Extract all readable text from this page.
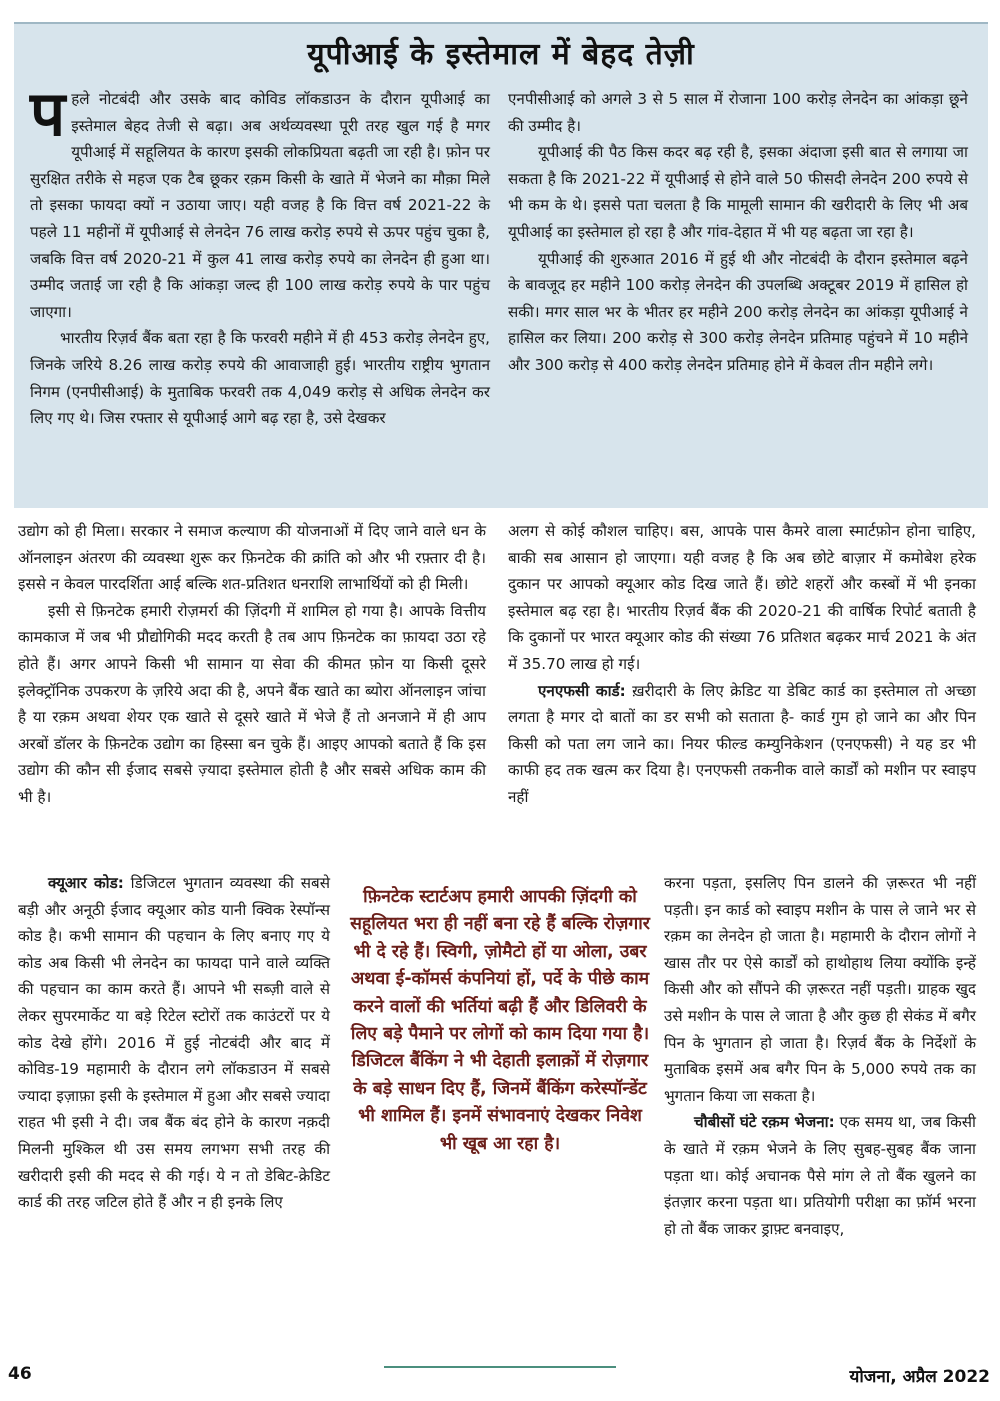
यूपीआई के इस्तेमाल में बेहद तेज़ी

पहले नोटबंदी और उसके बाद कोविड लॉकडाउन के दौरान यूपीआई का इस्तेमाल बेहद तेजी से बढ़ा। अब अर्थव्यवस्था पूरी तरह खुल गई है मगर यूपीआई में सहूलियत के कारण इसकी लोकप्रियता बढ़ती जा रही है। फ़ोन पर सुरक्षित तरीके से महज एक टैब छूकर रक़म किसी के खाते में भेजने का मौक़ा मिले तो इसका फायदा क्यों न उठाया जाए। यही वजह है कि वित्त वर्ष 2021-22 के पहले 11 महीनों में यूपीआई से लेनदेन 76 लाख करोड़ रुपये से ऊपर पहुंच चुका है, जबकि वित्त वर्ष 2020-21 में कुल 41 लाख करोड़ रुपये का लेनदेन ही हुआ था। उम्मीद जताई जा रही है कि आंकड़ा जल्द ही 100 लाख करोड़ रुपये के पार पहुंच जाएगा।

भारतीय रिज़र्व बैंक बता रहा है कि फरवरी महीने में ही 453 करोड़ लेनदेन हुए, जिनके जरिये 8.26 लाख करोड़ रुपये की आवाजाही हुई। भारतीय राष्ट्रीय भुगतान निगम (एनपीसीआई) के मुताबिक फरवरी तक 4,049 करोड़ से अधिक लेनदेन कर लिए गए थे। जिस रफ्तार से यूपीआई आगे बढ़ रहा है, उसे देखकर

एनपीसीआई को अगले 3 से 5 साल में रोजाना 100 करोड़ लेनदेन का आंकड़ा छूने की उम्मीद है।

यूपीआई की पैठ किस कदर बढ़ रही है, इसका अंदाजा इसी बात से लगाया जा सकता है कि 2021-22 में यूपीआई से होने वाले 50 फीसदी लेनदेन 200 रुपये से भी कम के थे। इससे पता चलता है कि मामूली सामान की खरीदारी के लिए भी अब यूपीआई का इस्तेमाल हो रहा है और गांव-देहात में भी यह बढ़ता जा रहा है।

यूपीआई की शुरुआत 2016 में हुई थी और नोटबंदी के दौरान इस्तेमाल बढ़ने के बावजूद हर महीने 100 करोड़ लेनदेन की उपलब्धि अक्टूबर 2019 में हासिल हो सकी। मगर साल भर के भीतर हर महीने 200 करोड़ लेनदेन का आंकड़ा यूपीआई ने हासिल कर लिया। 200 करोड़ से 300 करोड़ लेनदेन प्रतिमाह पहुंचने में 10 महीने और 300 करोड़ से 400 करोड़ लेनदेन प्रतिमाह होने में केवल तीन महीने लगे।

उद्योग को ही मिला। सरकार ने समाज कल्याण की योजनाओं में दिए जाने वाले धन के ऑनलाइन अंतरण की व्यवस्था शुरू कर फ़िनटेक की क्रांति को और भी रफ़्तार दी है। इससे न केवल पारदर्शिता आई बल्कि शत-प्रतिशत धनराशि लाभार्थियों को ही मिली।

इसी से फ़िनटेक हमारी रोज़मर्रा की ज़िंदगी में शामिल हो गया है। आपके वित्तीय कामकाज में जब भी प्रौद्योगिकी मदद करती है तब आप फ़िनटेक का फ़ायदा उठा रहे होते हैं। अगर आपने किसी भी सामान या सेवा की कीमत फ़ोन या किसी दूसरे इलेक्ट्रॉनिक उपकरण के ज़रिये अदा की है, अपने बैंक खाते का ब्योरा ऑनलाइन जांचा है या रक़म अथवा शेयर एक खाते से दूसरे खाते में भेजे हैं तो अनजाने में ही आप अरबों डॉलर के फ़िनटेक उद्योग का हिस्सा बन चुके हैं। आइए आपको बताते हैं कि इस उद्योग की कौन सी ईजाद सबसे ज़्यादा इस्तेमाल होती है और सबसे अधिक काम की भी है।

अलग से कोई कौशल चाहिए। बस, आपके पास कैमरे वाला स्मार्टफ़ोन होना चाहिए, बाकी सब आसान हो जाएगा। यही वजह है कि अब छोटे बाज़ार में कमोबेश हरेक दुकान पर आपको क्यूआर कोड दिख जाते हैं। छोटे शहरों और कस्बों में भी इनका इस्तेमाल बढ़ रहा है। भारतीय रिज़र्व बैंक की 2020-21 की वार्षिक रिपोर्ट बताती है कि दुकानों पर भारत क्यूआर कोड की संख्या 76 प्रतिशत बढ़कर मार्च 2021 के अंत में 35.70 लाख हो गई।

एनएफसी कार्ड: ख़रीदारी के लिए क्रेडिट या डेबिट कार्ड का इस्तेमाल तो अच्छा लगता है मगर दो बातों का डर सभी को सताता है- कार्ड गुम हो जाने का और पिन किसी को पता लग जाने का। नियर फील्ड कम्युनिकेशन (एनएफसी) ने यह डर भी काफी हद तक खत्म कर दिया है। एनएफसी तकनीक वाले कार्डों को मशीन पर स्वाइप नहीं

क्यूआर कोड: डिजिटल भुगतान व्यवस्था की सबसे बड़ी और अनूठी ईजाद क्यूआर कोड यानी क्विक रेस्पॉन्स कोड है। कभी सामान की पहचान के लिए बनाए गए ये कोड अब किसी भी लेनदेन का फायदा पाने वाले व्यक्ति की पहचान का काम करते हैं। आपने भी सब्ज़ी वाले से लेकर सुपरमार्केट या बड़े रिटेल स्टोरों तक काउंटरों पर ये कोड देखे होंगे। 2016 में हुई नोटबंदी और बाद में कोविड-19 महामारी के दौरान लगे लॉकडाउन में सबसे ज्यादा इज़ाफ़ा इसी के इस्तेमाल में हुआ और सबसे ज्यादा राहत भी इसी ने दी। जब बैंक बंद होने के कारण नक़दी मिलनी मुश्किल थी उस समय लगभग सभी तरह की खरीदारी इसी की मदद से की गई। ये न तो डेबिट-क्रेडिट कार्ड की तरह जटिल होते हैं और न ही इनके लिए

फ़िनटेक स्टार्टअप हमारी आपकी ज़िंदगी को सहूलियत भरा ही नहीं बना रहे हैं बल्कि रोज़गार भी दे रहे हैं। स्विगी, ज़ोमैटो हों या ओला, उबर अथवा ई-कॉमर्स कंपनियां हों, पर्दे के पीछे काम करने वालों की भर्तियां बढ़ी हैं और डिलिवरी के लिए बड़े पैमाने पर लोगों को काम दिया गया है। डिजिटल बैंकिंग ने भी देहाती इलाक़ों में रोज़गार के बड़े साधन दिए हैं, जिनमें बैंकिंग करेस्पॉन्डेंट भी शामिल हैं। इनमें संभावनाएं देखकर निवेश भी खूब आ रहा है।

करना पड़ता, इसलिए पिन डालने की ज़रूरत भी नहीं पड़ती। इन कार्ड को स्वाइप मशीन के पास ले जाने भर से रक़म का लेनदेन हो जाता है। महामारी के दौरान लोगों ने खास तौर पर ऐसे कार्डों को हाथोहाथ लिया क्योंकि इन्हें किसी और को सौंपने की ज़रूरत नहीं पड़ती। ग्राहक खुद उसे मशीन के पास ले जाता है और कुछ ही सेकंड में बगैर पिन के भुगतान हो जाता है। रिज़र्व बैंक के निर्देशों के मुताबिक इसमें अब बगैर पिन के 5,000 रुपये तक का भुगतान किया जा सकता है।

चौबीसों घंटे रक़म भेजना: एक समय था, जब किसी के खाते में रक़म भेजने के लिए सुबह-सुबह बैंक जाना पड़ता था। कोई अचानक पैसे मांग ले तो बैंक खुलने का इंतज़ार करना पड़ता था। प्रतियोगी परीक्षा का फ़ॉर्म भरना हो तो बैंक जाकर ड्राफ़्ट बनवाइए,

46	योजना, अप्रैल 2022
